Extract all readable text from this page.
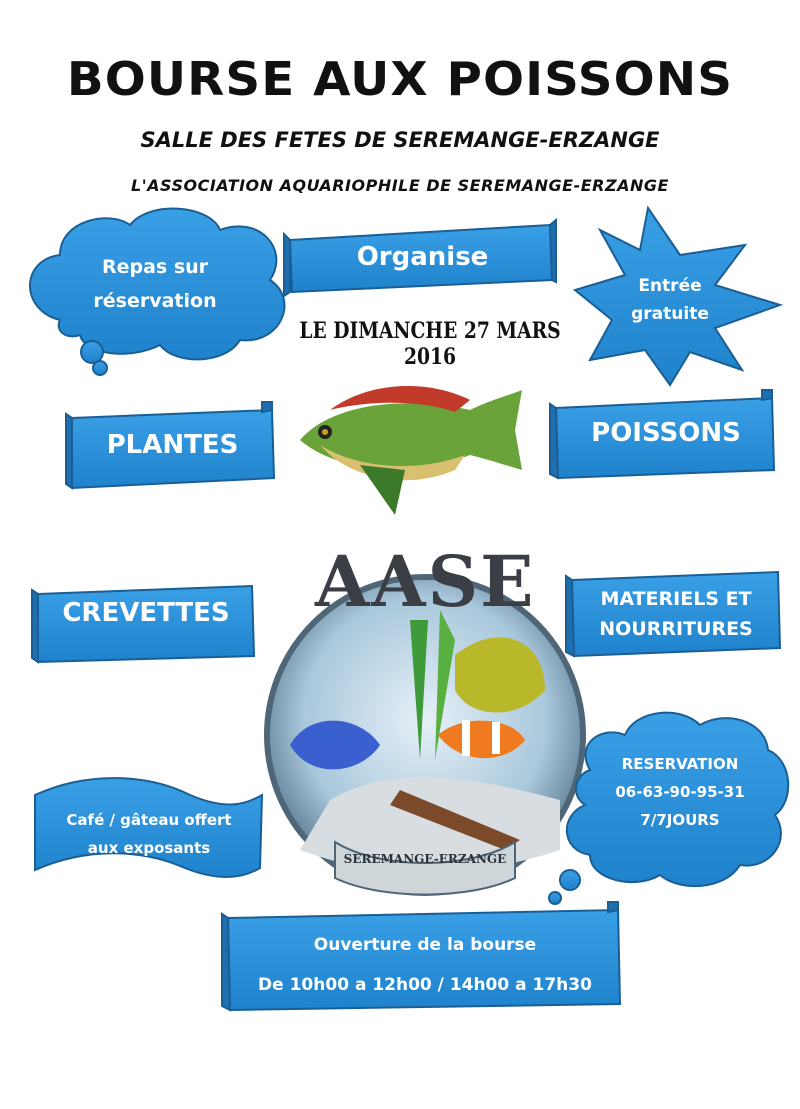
BOURSE AUX POISSONS
SALLE DES FETES DE SEREMANGE-ERZANGE
L'ASSOCIATION AQUARIOPHILE DE SEREMANGE-ERZANGE
Repas sur
réservation
Organise
Entrée
gratuite
LE DIMANCHE 27 MARS 2016
PLANTES	POISSONS
CREVETTES	MATERIELS ET
NOURRITURES
AASE
SEREMANGE-ERZANGE
Café / gâteau offert
aux exposants
RESERVATION
06-63-90-95-31
7/7JOURS
Ouverture de la bourse
De 10h00 a 12h00 / 14h00 a 17h30
